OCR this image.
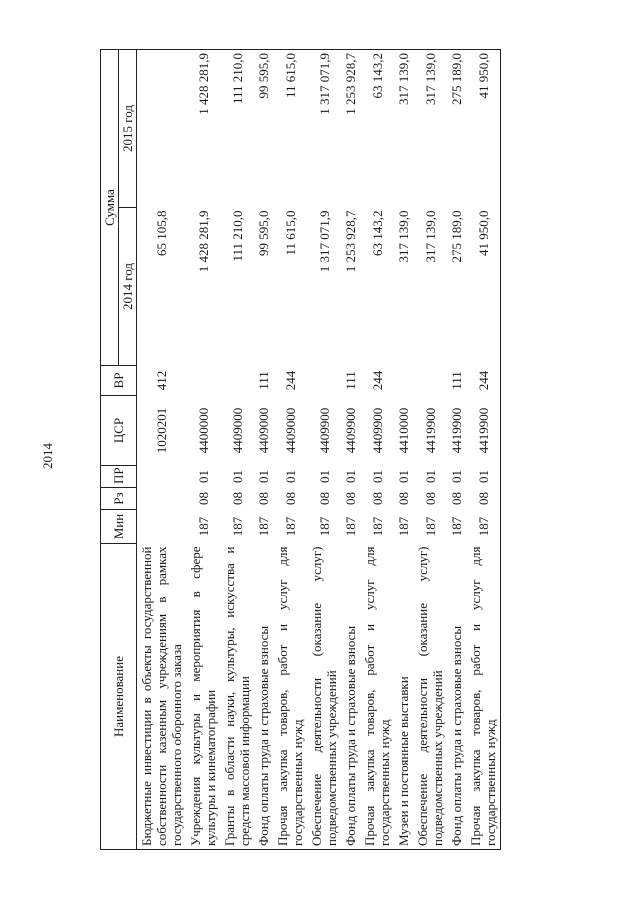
2014
Наименование	Мин	Рз	ПР	ЦСР	ВР	Сумма	
						2014 год	2015 год
Бюджетные инвестиции в объекты государственной собственности казенным учреждениям в рамках государственного оборонного заказа				1020201	412	65 105,8	
Учреждения культуры и мероприятия в сфере культуры и кинематографии	187	08	01	4400000		1 428 281,9	1 428 281,9
Гранты в области науки, культуры, искусства и средств массовой информации	187	08	01	4409000		111 210,0	111 210,0
Фонд оплаты труда и страховые взносы	187	08	01	4409000	111	99 595,0	99 595,0
Прочая закупка товаров, работ и услуг для государственных нужд	187	08	01	4409000	244	11 615,0	11 615,0
Обеспечение деятельности (оказание услуг) подведомственных учреждений	187	08	01	4409900		1 317 071,9	1 317 071,9
Фонд оплаты труда и страховые взносы	187	08	01	4409900	111	1 253 928,7	1 253 928,7
Прочая закупка товаров, работ и услуг для государственных нужд	187	08	01	4409900	244	63 143,2	63 143,2
Музеи и постоянные выставки	187	08	01	4410000		317 139,0	317 139,0
Обеспечение деятельности (оказание услуг) подведомственных учреждений	187	08	01	4419900		317 139,0	317 139,0
Фонд оплаты труда и страховые взносы	187	08	01	4419900	111	275 189,0	275 189,0
Прочая закупка товаров, работ и услуг для государственных нужд	187	08	01	4419900	244	41 950,0	41 950,0
